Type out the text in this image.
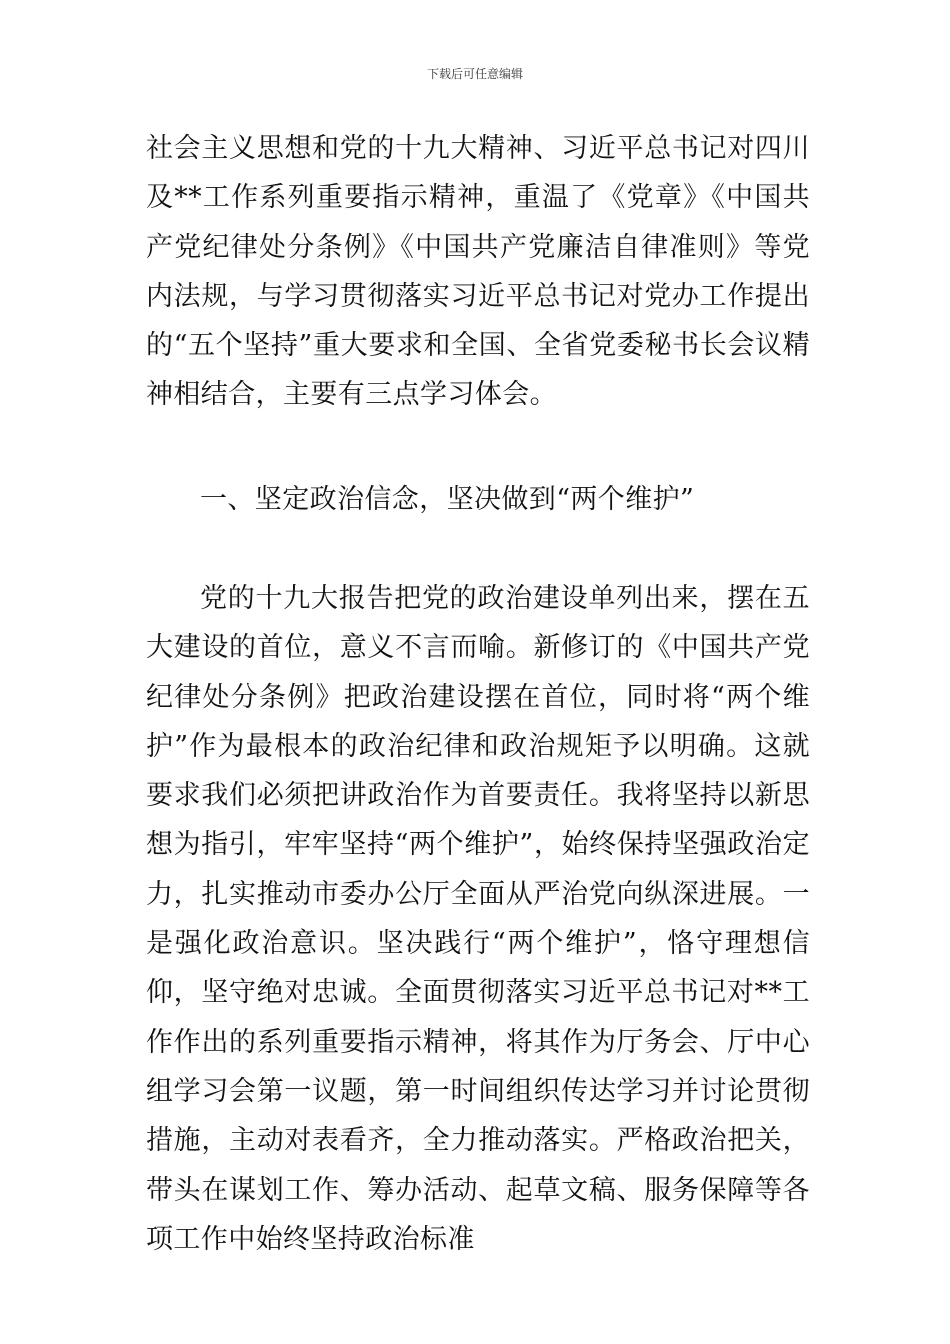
下载后可任意编辑

社会主义思想和党的十九大精神、习近平总书记对四川及**工作系列重要指示精神，重温了《党章》《中国共产党纪律处分条例》《中国共产党廉洁自律准则》等党内法规，与学习贯彻落实习近平总书记对党办工作提出的“五个坚持”重大要求和全国、全省党委秘书长会议精神相结合，主要有三点学习体会。

一、坚定政治信念，坚决做到“两个维护”

党的十九大报告把党的政治建设单列出来，摆在五大建设的首位，意义不言而喻。新修订的《中国共产党纪律处分条例》把政治建设摆在首位，同时将“两个维护”作为最根本的政治纪律和政治规矩予以明确。这就要求我们必须把讲政治作为首要责任。我将坚持以新思想为指引，牢牢坚持“两个维护”，始终保持坚强政治定力，扎实推动市委办公厅全面从严治党向纵深进展。一是强化政治意识。坚决践行“两个维护”，恪守理想信仰，坚守绝对忠诚。全面贯彻落实习近平总书记对**工作作出的系列重要指示精神，将其作为厅务会、厅中心组学习会第一议题，第一时间组织传达学习并讨论贯彻措施，主动对表看齐，全力推动落实。严格政治把关，带头在谋划工作、筹办活动、起草文稿、服务保障等各项工作中始终坚持政治标准
